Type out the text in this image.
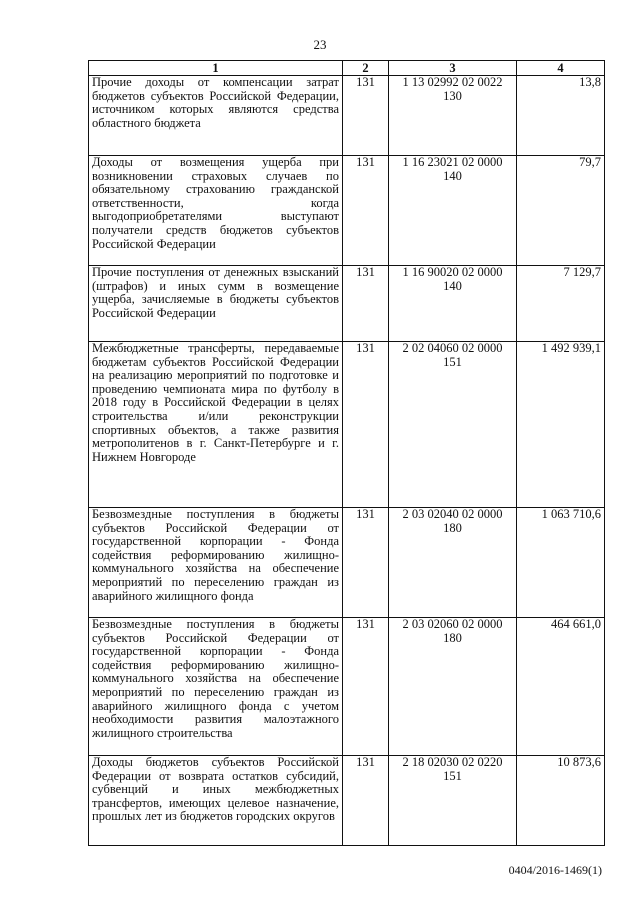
23
1	2	3	4
Прочие доходы от компенсации затрат бюджетов субъектов Российской Федерации, источником которых являются средства областного бюджета	131	1 13 02992 02 0022 130	13,8
Доходы от возмещения ущерба при возникновении страховых случаев по обязательному страхованию гражданской ответственности, когда выгодоприобретателями выступают получатели средств бюджетов субъектов Российской Федерации	131	1 16 23021 02 0000 140	79,7
Прочие поступления от денежных взысканий (штрафов) и иных сумм в возмещение ущерба, зачисляемые в бюджеты субъектов Российской Федерации	131	1 16 90020 02 0000 140	7 129,7
Межбюджетные трансферты, передаваемые бюджетам субъектов Российской Федерации на реализацию мероприятий по подготовке и проведению чемпионата мира по футболу в 2018 году в Российской Федерации в целях строительства и/или реконструкции спортивных объектов, а также развития метрополитенов в г. Санкт-Петербурге и г. Нижнем Новгороде	131	2 02 04060 02 0000 151	1 492 939,1
Безвозмездные поступления в бюджеты субъектов Российской Федерации от государственной корпорации - Фонда содействия реформированию жилищно-коммунального хозяйства на обеспечение мероприятий по переселению граждан из аварийного жилищного фонда	131	2 03 02040 02 0000 180	1 063 710,6
Безвозмездные поступления в бюджеты субъектов Российской Федерации от государственной корпорации - Фонда содействия реформированию жилищно-коммунального хозяйства на обеспечение мероприятий по переселению граждан из аварийного жилищного фонда с учетом необходимости развития малоэтажного жилищного строительства	131	2 03 02060 02 0000 180	464 661,0
Доходы бюджетов субъектов Российской Федерации от возврата остатков субсидий, субвенций и иных межбюджетных трансфертов, имеющих целевое назначение, прошлых лет из бюджетов городских округов	131	2 18 02030 02 0220 151	10 873,6
0404/2016-1469(1)
